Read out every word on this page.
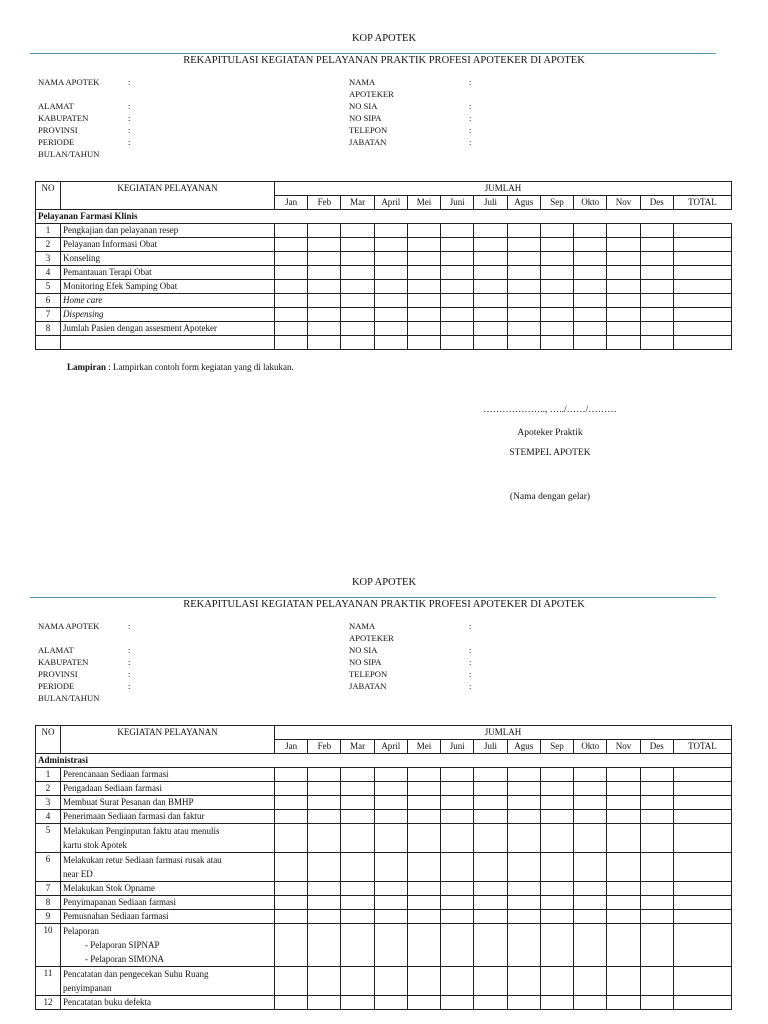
KOP APOTEK
REKAPITULASI KEGIATAN PELAYANAN PRAKTIK PROFESI APOTEKER DI APOTEK
NAMA APOTEK	:
ALAMAT	:
KABUPATEN	:
PROVINSI	:
PERIODE	:
BULAN/TAHUN
NAMA	:
APOTEKER
NO SIA	:
NO SIPA	:
TELEPON	:
JABATAN	:
NO	KEGIATAN PELAYANAN	JUMLAH												
		Jan	Feb	Mar	April	Mei	Juni	Juli	Agus	Sep	Okto	Nov	Des	TOTAL
Pelayanan Farmasi Klinis														
1	Pengkajian dan pelayanan resep													
2	Pelayanan Informasi Obat													
3	Konseling													
4	Pemantauan Terapi Obat													
5	Monitoring Efek Samping Obat													
6	Home care													
7	Dispensing													
8	Jumlah Pasien dengan assesment Apoteker													

Lampiran : Lampirkan contoh form kegiatan yang di lakukan.
……………….., …../……/………
Apoteker Praktik
STEMPEL APOTEK
(Nama dengan gelar)
KOP APOTEK
REKAPITULASI KEGIATAN PELAYANAN PRAKTIK PROFESI APOTEKER DI APOTEK
NAMA APOTEK	:
ALAMAT	:
KABUPATEN	:
PROVINSI	:
PERIODE	:
BULAN/TAHUN
NAMA	:
APOTEKER
NO SIA	:
NO SIPA	:
TELEPON	:
JABATAN	:
NO	KEGIATAN PELAYANAN	JUMLAH												
		Jan	Feb	Mar	April	Mei	Juni	Juli	Agus	Sep	Okto	Nov	Des	TOTAL
Administrasi														
1	Perencanaan Sediaan farmasi													
2	Pengadaan Sediaan farmasi													
3	Membuat Surat Pesanan dan BMHP													
4	Penerimaan Sediaan farmasi dan faktur													
5	Melakukan Penginputan faktu atau menulis
kartu stok Apotek													

6	Melakukan retur Sediaan farmasi rusak atau
near ED													

7	Melakukan Stok Opname													
8	Penyimapanan Sediaan farmasi													
9	Pemusnahan Sediaan farmasi													
10	Pelaporan
- Pelaporan SIPNAP
- Pelaporan SIMONA													

11	Pencatatan dan pengecekan Suhu Ruang
penyimpanan													

12	Pencatatan buku defekta													
